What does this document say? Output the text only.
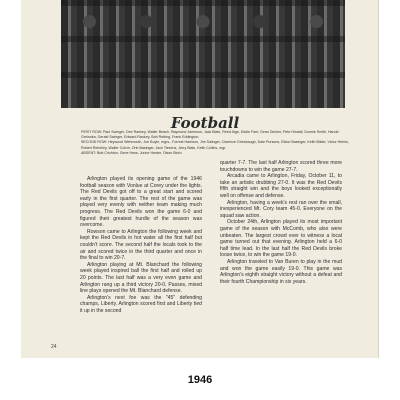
Football

FIRST ROW: Paul Swinger, Dee Rankey, Walter Beach, Raymond Jameson, Jack Blain, Reed Alge, Eddie Fant, Dean Decker, Pete Hindall, Donnie Smith, Harold Grelnoka, Gerald Swinger, Edward Rankey, Bob Retting, Frank Eddington.

SECOND ROW: Heywood Wehmouth, Joe Boyle, mgrs., Forrest Harrison, Jim Salinger, Clarence Griesbaugh, Dale Pursons, Eldon Basinger, Keith Bilder, Victor Helms, Robert Retchley, Walter Colvin, Orin Basinger, Jack Tiesens, Jerry Blain, Keith Collins, mgr.

ABSENT: Bob Crichton, Gene Hess, Junior Hester, Olson Birch.

Arlington played its opening game of the 1946 football season with Vonlue at Corey under the lights. The Red Devils got off to a great start and scored early in the first quarter. The rest of the game was played very evenly with neither team making much progress. The Red Devils won the game 6-0 and figured their greatest hurdle of the season was overcome.

Rowson came to Arlington the following week and kept the Red Devils in hot water all the first half but couldn't score. The second half the locals took to the air and scored twice in the third quarter and once in the final to win 20-7.

Arlington playing at Mt. Blanchard the following week played inspired ball the first half and rolled up 20 points. The last half was a very even game and Arlington rang up a third victory 20-0. Passes, mixed line plays opened the Mt. Blanchard defense.

Arlington's next foe was the "45" defending champs, Liberty. Arlington scored first and Liberty tied it up in the second

quarter 7-7. The last half Arlington scored three more touchdowns to win the game 27-7.

Arcadia came to Arlington, Friday, October 11, to take an artistic drubbing 27-0. It was the Red Devils fifth straight win and the boys looked exceptionally well on offense and defense.

Arlington, having a week's rest ran over the small, inexperienced Mt. Cory team 45-0. Everyone on the squad saw action.

October 24th, Arlington played its most important game of the season with McComb, who also were unbeaten. The largest crowd ever to witness a local game turned out that evening. Arlington held a 6-0 half time lead. In the last half the Red Devils broke loose twice, to win the game 19-0.

Arlington traveled to Van Buren to play in the mud and won the game easily 19-0. This game was Arlington's eighth straight victory without a defeat and their fourth Championship in six years.

24
1946
